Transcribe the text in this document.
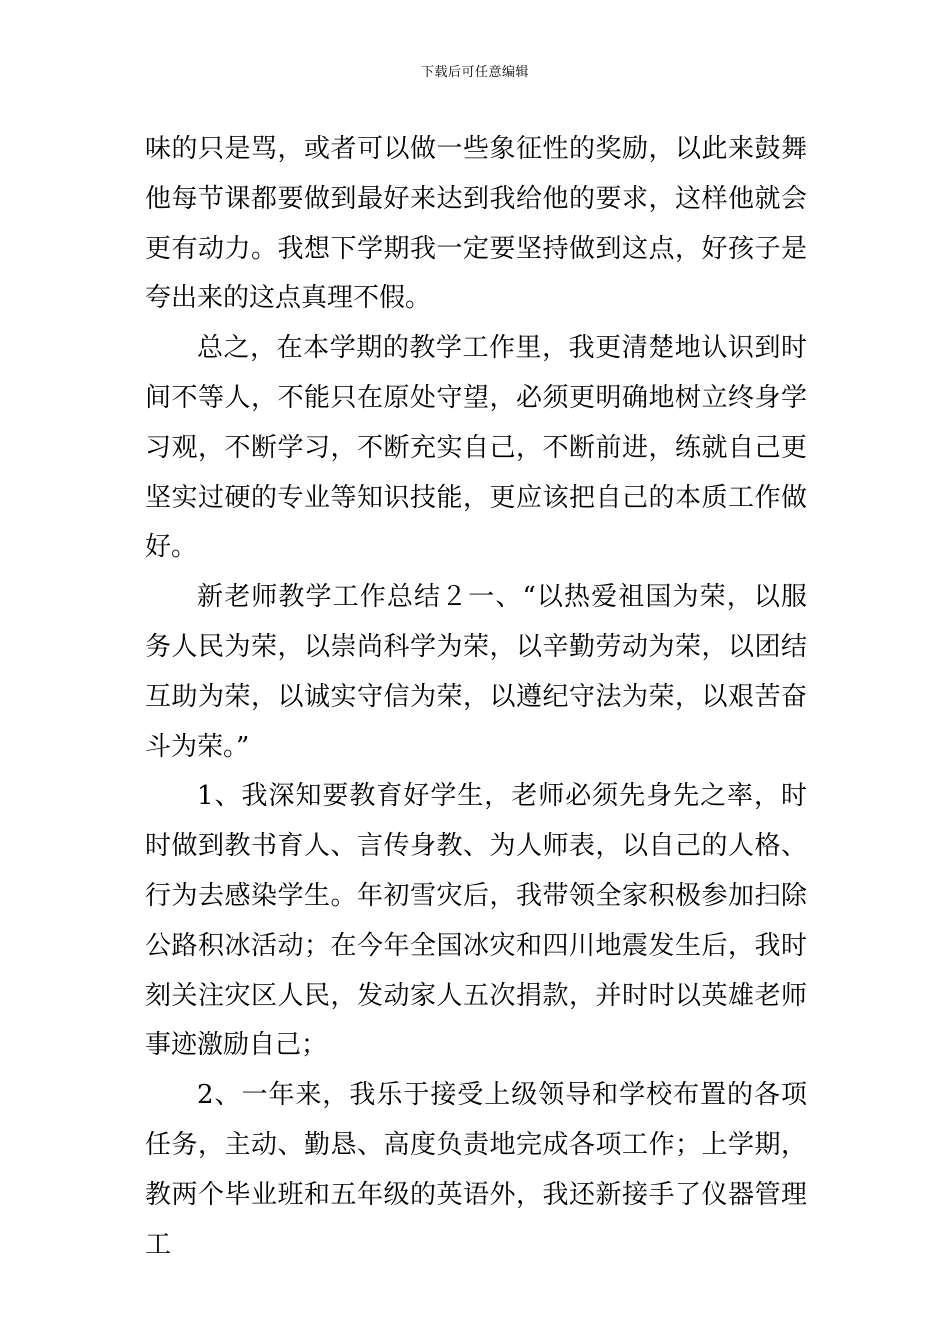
下载后可任意编辑

味的只是骂，或者可以做一些象征性的奖励，以此来鼓舞他每节课都要做到最好来达到我给他的要求，这样他就会更有动力。我想下学期我一定要坚持做到这点，好孩子是夸出来的这点真理不假。

总之，在本学期的教学工作里，我更清楚地认识到时间不等人，不能只在原处守望，必须更明确地树立终身学习观，不断学习，不断充实自己，不断前进，练就自己更坚实过硬的专业等知识技能，更应该把自己的本质工作做好。

新老师教学工作总结２一、“以热爱祖国为荣，以服务人民为荣，以崇尚科学为荣，以辛勤劳动为荣，以团结互助为荣，以诚实守信为荣，以遵纪守法为荣，以艰苦奋斗为荣。”

1、我深知要教育好学生，老师必须先身先之率，时时做到教书育人、言传身教、为人师表，以自己的人格、行为去感染学生。年初雪灾后，我带领全家积极参加扫除公路积冰活动；在今年全国冰灾和四川地震发生后，我时刻关注灾区人民，发动家人五次捐款，并时时以英雄老师事迹激励自己；

2、一年来，我乐于接受上级领导和学校布置的各项任务，主动、勤恳、高度负责地完成各项工作；上学期，教两个毕业班和五年级的英语外，我还新接手了仪器管理工
